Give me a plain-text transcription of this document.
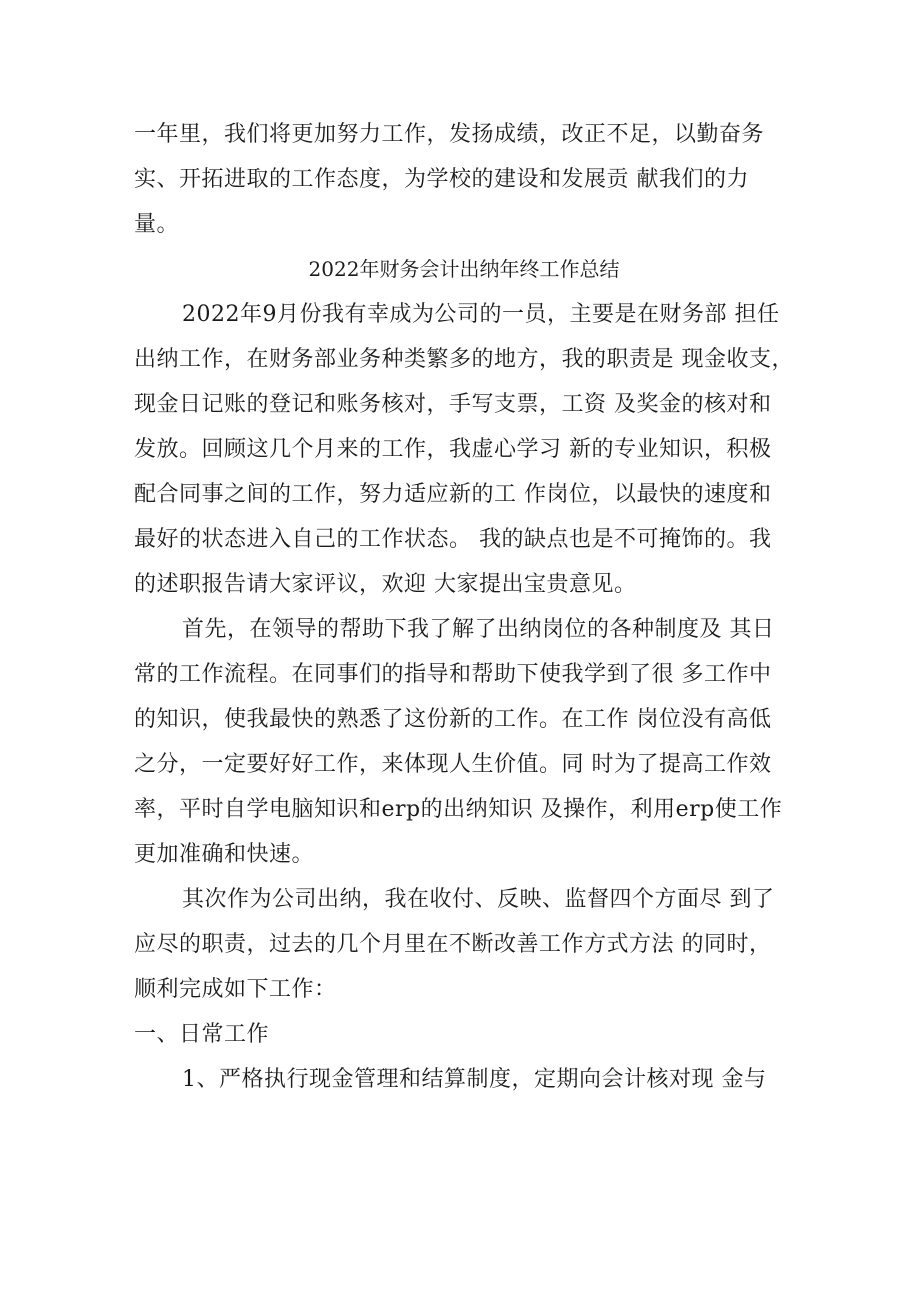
一年里，我们将更加努力工作，发扬成绩，改正不足，以勤奋务
实、开拓进取的工作态度，为学校的建设和发展贡 献我们的力
量。

2022年财务会计出纳年终工作总结

2022年9月份我有幸成为公司的一员，主要是在财务部 担任
出纳工作，在财务部业务种类繁多的地方，我的职责是 现金收支，
现金日记账的登记和账务核对，手写支票，工资 及奖金的核对和
发放。回顾这几个月来的工作，我虚心学习 新的专业知识，积极
配合同事之间的工作，努力适应新的工 作岗位，以最快的速度和
最好的状态进入自己的工作状态。 我的缺点也是不可掩饰的。我
的述职报告请大家评议，欢迎 大家提出宝贵意见。

首先，在领导的帮助下我了解了出纳岗位的各种制度及 其日
常的工作流程。在同事们的指导和帮助下使我学到了很 多工作中
的知识，使我最快的熟悉了这份新的工作。在工作 岗位没有高低
之分，一定要好好工作，来体现人生价值。同 时为了提高工作效
率，平时自学电脑知识和erp的出纳知识 及操作，利用erp使工作
更加准确和快速。

其次作为公司出纳，我在收付、反映、监督四个方面尽 到了
应尽的职责，过去的几个月里在不断改善工作方式方法 的同时，
顺利完成如下工作：

一、日常工作

1、严格执行现金管理和结算制度，定期向会计核对现 金与
